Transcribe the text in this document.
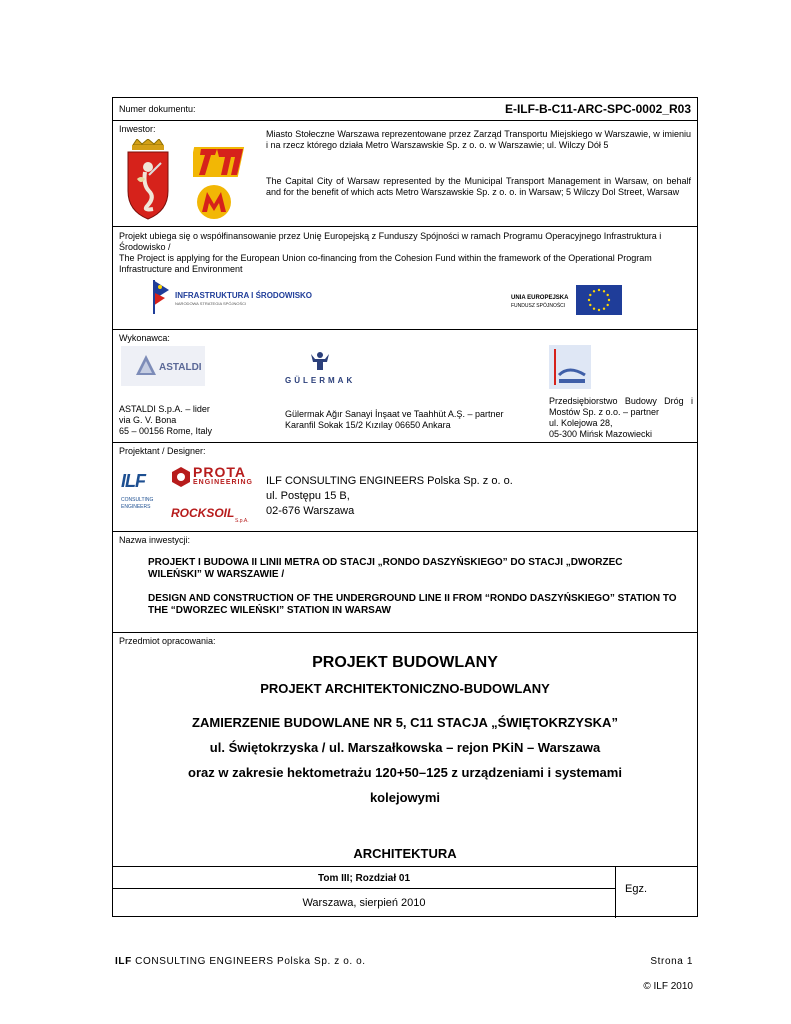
Numer dokumentu:	E-ILF-B-C11-ARC-SPC-0002_R03
Inwestor:	Miasto Stołeczne Warszawa reprezentowane przez Zarząd Transportu Miejskiego w Warszawie, w imieniu i na rzecz którego działa Metro Warszawskie Sp. z o. o. w Warszawie; ul. Wilczy Dół 5

The Capital City of Warsaw represented by the Municipal Transport Management in Warsaw, on behalf and for the benefit of which acts Metro Warszawskie Sp. z o. o. in Warsaw; 5 Wilczy Dol Street, Warsaw

Projekt ubiega się o współfinansowanie przez Unię Europejską z Funduszy Spójności w ramach Programu Operacyjnego Infrastruktura i Środowisko /

The Project is applying for the European Union co-financing from the Cohesion Fund within the framework of the Operational Program Infrastructure and Environment

INFRASTRUKTURA I ŚRODOWISKO
NARODOWA STRATEGIA SPÓJNOŚCI
UNIA EUROPEJSKA
FUNDUSZ SPÓJNOŚCI
Wykonawca:
ASTALDI
GÜLERMAK
ASTALDI S.p.A. – lider
via G. V. Bona
65 – 00156 Rome, Italy
Gülermak Ağır Sanayi İnşaat ve Taahhüt A.Ş. – partner
Karanfil Sokak 15/2 Kızılay 06650 Ankara
Przedsiębiorstwo Budowy Dróg i Mostów Sp. z o.o. – partner
ul. Kolejowa 28,
05-300 Mińsk Mazowiecki
Projektant / Designer:
ILF
CONSULTING ENGINEERS
PROTA
ENGINEERING
ROCKSOIL
S.p.A.
ILF CONSULTING ENGINEERS Polska Sp. z o. o.
ul. Postępu 15 B,
02-676 Warszawa
Nazwa inwestycji:

PROJEKT I BUDOWA II LINII METRA OD STACJI „RONDO DASZYŃSKIEGO” DO STACJI „DWORZEC WILEŃSKI” W WARSZAWIE /

DESIGN AND CONSTRUCTION OF THE UNDERGROUND LINE II FROM “RONDO DASZYŃSKIEGO” STATION TO THE “DWORZEC WILEŃSKI” STATION IN WARSAW

Przedmiot opracowania:
PROJEKT BUDOWLANY
PROJEKT ARCHITEKTONICZNO-BUDOWLANY
ZAMIERZENIE BUDOWLANE NR 5, C11 STACJA „ŚWIĘTOKRZYSKA”
ul. Świętokrzyska / ul. Marszałkowska – rejon PKiN – Warszawa
oraz w zakresie hektometrażu 120+50–125 z urządzeniami i systemami
kolejowymi
ARCHITEKTURA
Tom III; Rozdział 01
Warszawa, sierpień 2010
Egz.
ILF CONSULTING ENGINEERS Polska Sp. z o. o.	Strona 1
© ILF 2010
